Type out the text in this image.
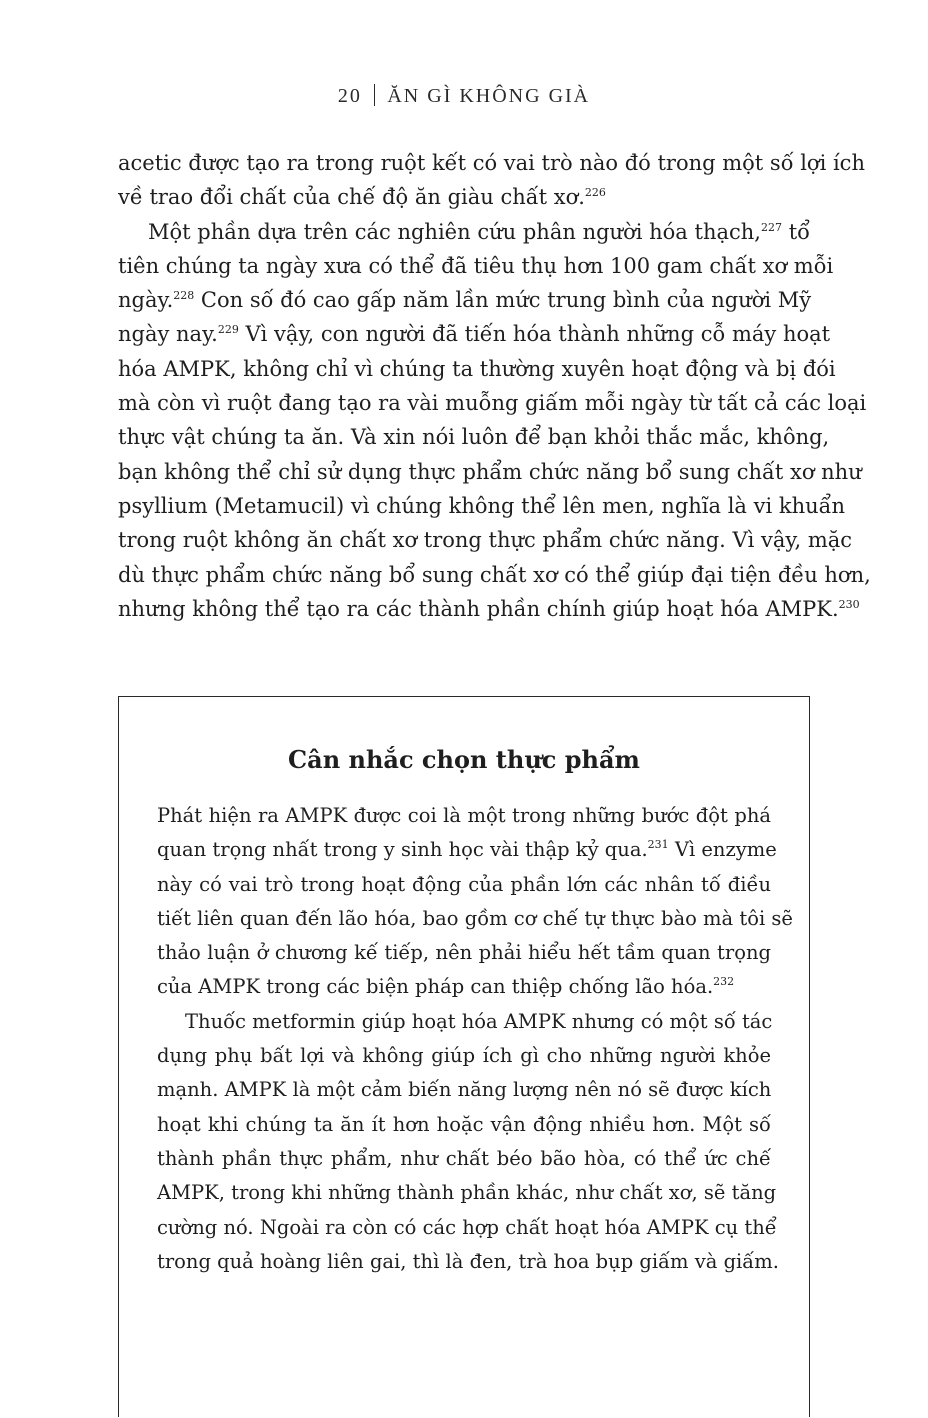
20 ĂN GÌ KHÔNG GIÀ
acetic được tạo ra trong ruột kết có vai trò nào đó trong một số lợi ích
về trao đổi chất của chế độ ăn giàu chất xơ.$^{226}$
Một phần dựa trên các nghiên cứu phân người hóa thạch,$^{227}$ tổ
tiên chúng ta ngày xưa có thể đã tiêu thụ hơn 100 gam chất xơ mỗi
ngày.$^{228}$ Con số đó cao gấp năm lần mức trung bình của người Mỹ
ngày nay.$^{229}$ Vì vậy, con người đã tiến hóa thành những cỗ máy hoạt
hóa AMPK, không chỉ vì chúng ta thường xuyên hoạt động và bị đói
mà còn vì ruột đang tạo ra vài muỗng giấm mỗi ngày từ tất cả các loại
thực vật chúng ta ăn. Và xin nói luôn để bạn khỏi thắc mắc, không,
bạn không thể chỉ sử dụng thực phẩm chức năng bổ sung chất xơ như
psyllium (Metamucil) vì chúng không thể lên men, nghĩa là vi khuẩn
trong ruột không ăn chất xơ trong thực phẩm chức năng. Vì vậy, mặc
dù thực phẩm chức năng bổ sung chất xơ có thể giúp đại tiện đều hơn,
nhưng không thể tạo ra các thành phần chính giúp hoạt hóa AMPK.$^{230}$
Cân nhắc chọn thực phẩm
Phát hiện ra AMPK được coi là một trong những bước đột phá
quan trọng nhất trong y sinh học vài thập kỷ qua.$^{231}$ Vì enzyme
này có vai trò trong hoạt động của phần lớn các nhân tố điều
tiết liên quan đến lão hóa, bao gồm cơ chế tự thực bào mà tôi sẽ
thảo luận ở chương kế tiếp, nên phải hiểu hết tầm quan trọng
của AMPK trong các biện pháp can thiệp chống lão hóa.$^{232}$
Thuốc metformin giúp hoạt hóa AMPK nhưng có một số tác
dụng phụ bất lợi và không giúp ích gì cho những người khỏe
mạnh. AMPK là một cảm biến năng lượng nên nó sẽ được kích
hoạt khi chúng ta ăn ít hơn hoặc vận động nhiều hơn. Một số
thành phần thực phẩm, như chất béo bão hòa, có thể ức chế
AMPK, trong khi những thành phần khác, như chất xơ, sẽ tăng
cường nó. Ngoài ra còn có các hợp chất hoạt hóa AMPK cụ thể
trong quả hoàng liên gai, thì là đen, trà hoa bụp giấm và giấm.
